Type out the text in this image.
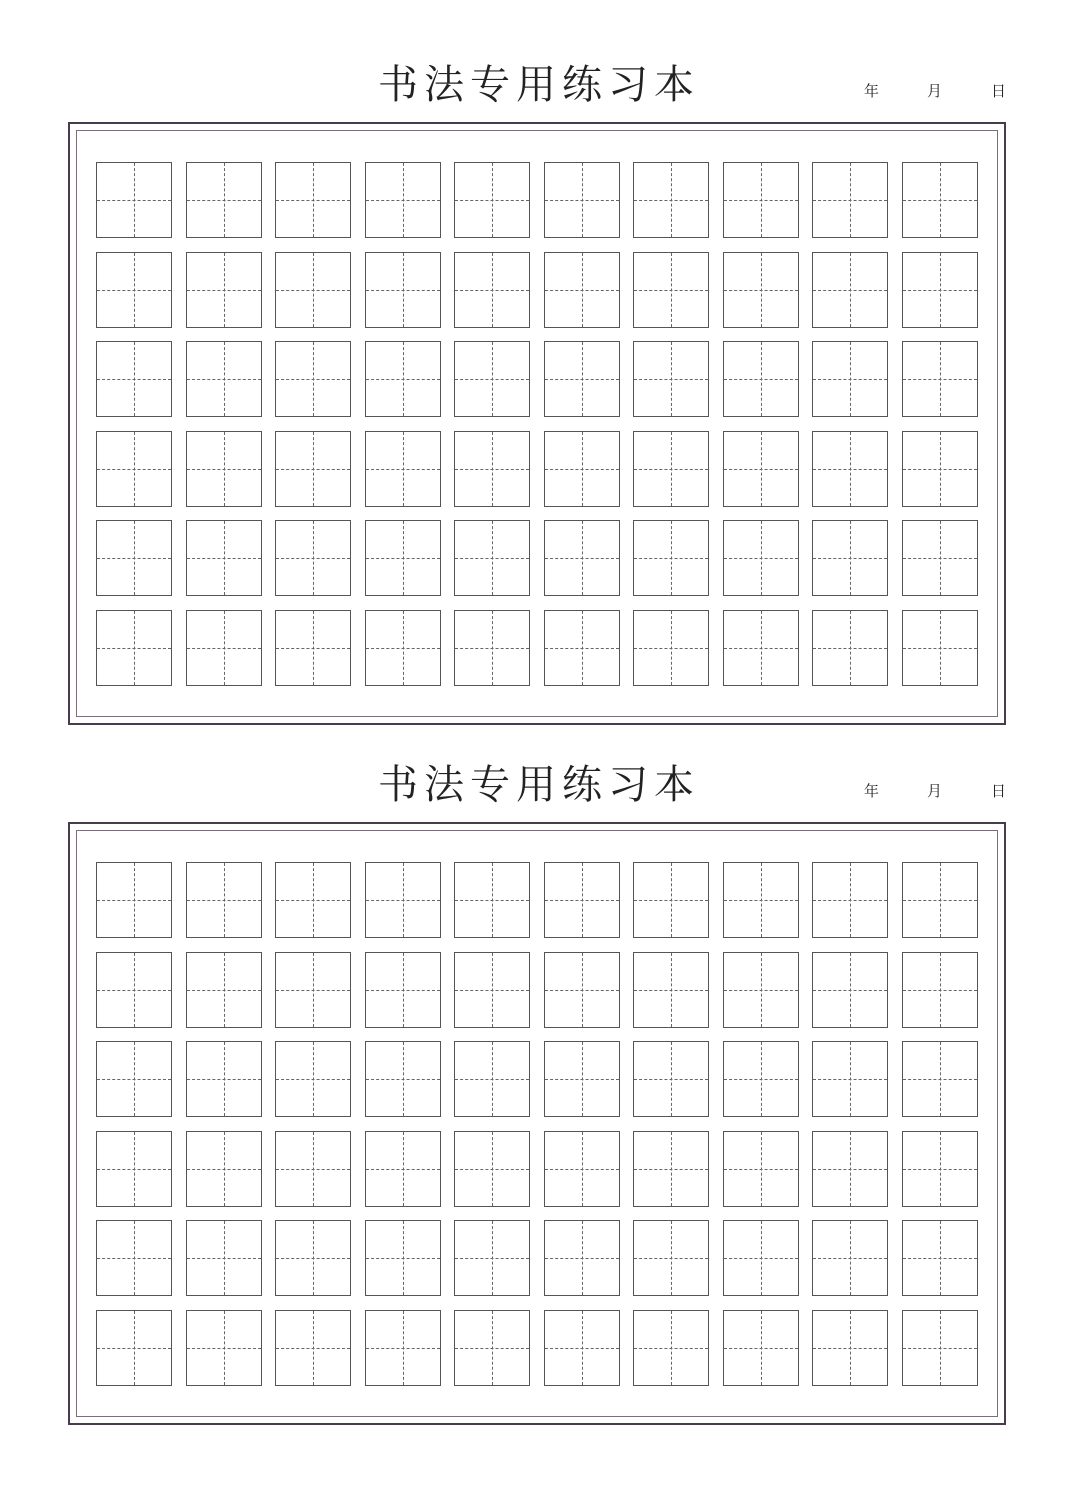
书法专用练习本	年	月	日
书法专用练习本	年	月	日
